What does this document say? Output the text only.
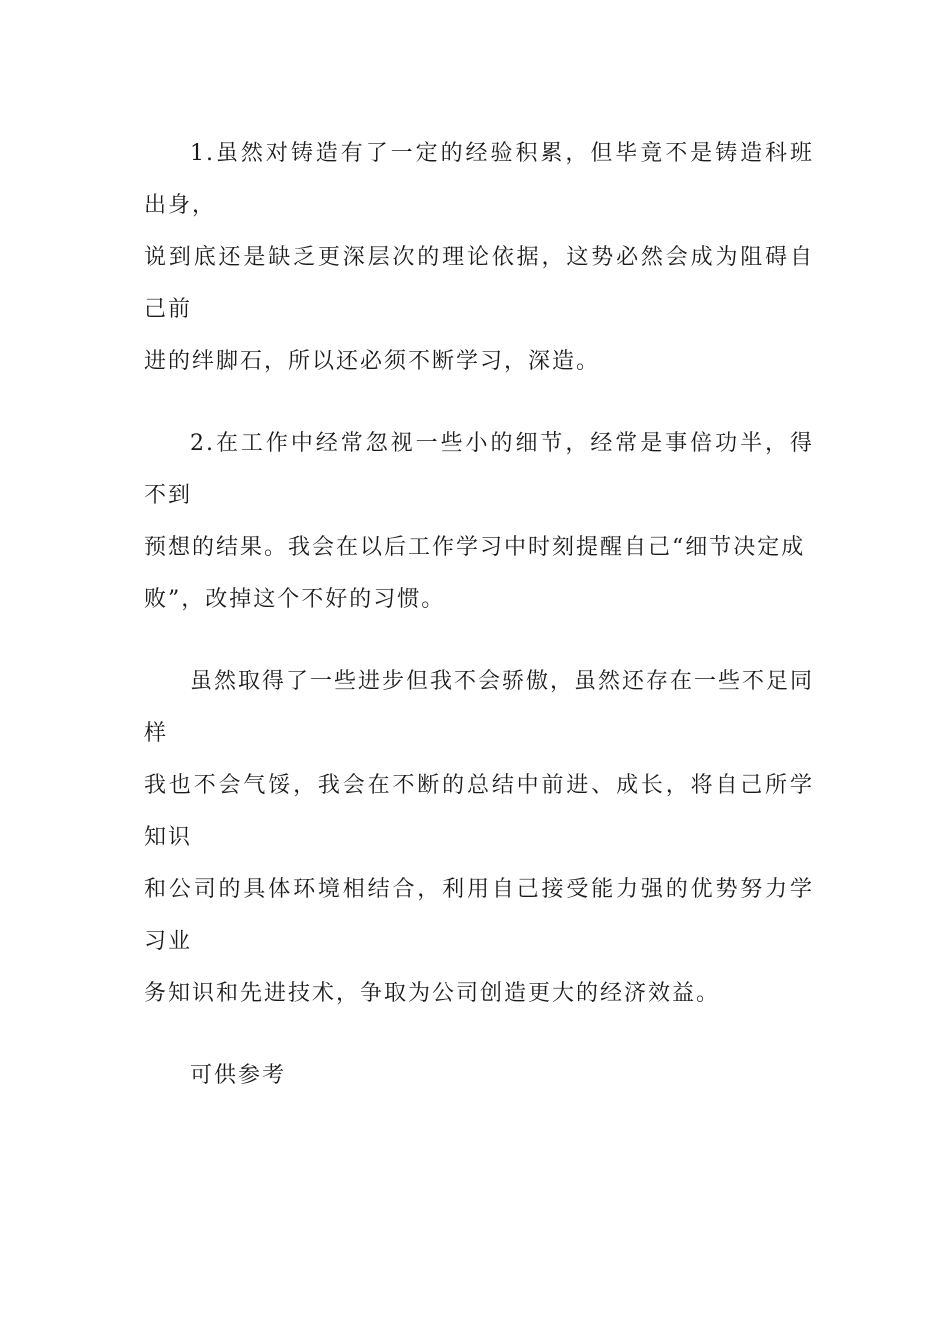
1.虽然对铸造有了一定的经验积累，但毕竟不是铸造科班出身，
说到底还是缺乏更深层次的理论依据，这势必然会成为阻碍自己前
进的绊脚石，所以还必须不断学习，深造。

2.在工作中经常忽视一些小的细节，经常是事倍功半，得不到
预想的结果。我会在以后工作学习中时刻提醒自己“细节决定成
败”，改掉这个不好的习惯。

虽然取得了一些进步但我不会骄傲，虽然还存在一些不足同样
我也不会气馁，我会在不断的总结中前进、成长，将自己所学知识
和公司的具体环境相结合，利用自己接受能力强的优势努力学习业
务知识和先进技术，争取为公司创造更大的经济效益。

可供参考
